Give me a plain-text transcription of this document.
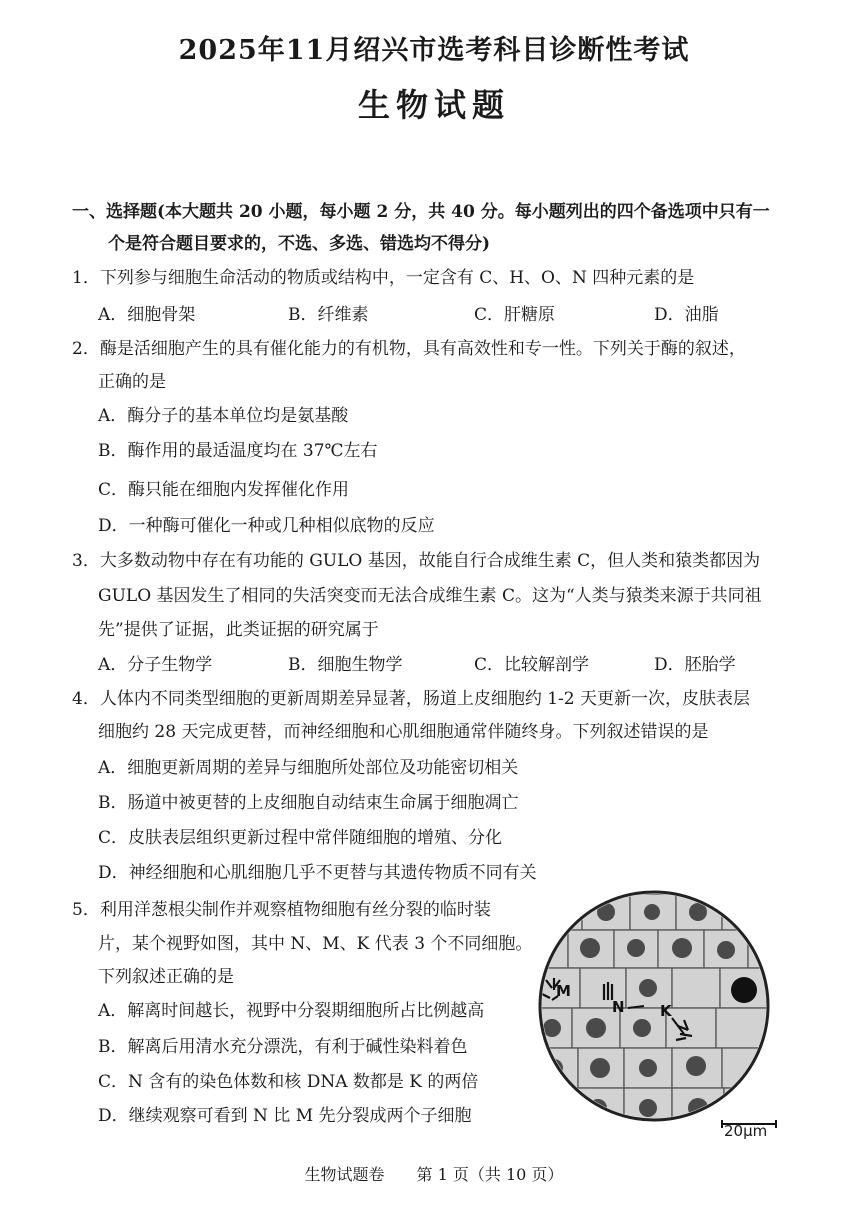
2025年11月绍兴市选考科目诊断性考试
生物试题
一、选择题(本大题共 20 小题，每小题 2 分，共 40 分。每小题列出的四个备选项中只有一
个是符合题目要求的，不选、多选、错选均不得分)
1．下列参与细胞生命活动的物质或结构中，一定含有 C、H、O、N 四种元素的是
A．细胞骨架	B．纤维素	C．肝糖原	D．油脂
2．酶是活细胞产生的具有催化能力的有机物，具有高效性和专一性。下列关于酶的叙述，
正确的是
A．酶分子的基本单位均是氨基酸
B．酶作用的最适温度均在 37℃左右
C．酶只能在细胞内发挥催化作用
D．一种酶可催化一种或几种相似底物的反应
3．大多数动物中存在有功能的 GULO 基因，故能自行合成维生素 C，但人类和猿类都因为
GULO 基因发生了相同的失活突变而无法合成维生素 C。这为“人类与猿类来源于共同祖
先”提供了证据，此类证据的研究属于
A．分子生物学	B．细胞生物学	C．比较解剖学	D．胚胎学
4．人体内不同类型细胞的更新周期差异显著，肠道上皮细胞约 1-2 天更新一次，皮肤表层
细胞约 28 天完成更替，而神经细胞和心肌细胞通常伴随终身。下列叙述错误的是
A．细胞更新周期的差异与细胞所处部位及功能密切相关
B．肠道中被更替的上皮细胞自动结束生命属于细胞凋亡
C．皮肤表层组织更新过程中常伴随细胞的增殖、分化
D．神经细胞和心肌细胞几乎不更替与其遗传物质不同有关
5．利用洋葱根尖制作并观察植物细胞有丝分裂的临时装
片，某个视野如图，其中 N、M、K 代表 3 个不同细胞。
下列叙述正确的是
A．解离时间越长，视野中分裂期细胞所占比例越高
B．解离后用清水充分漂洗，有利于碱性染料着色
C．N 含有的染色体数和核 DNA 数都是 K 的两倍
D．继续观察可看到 N 比 M 先分裂成两个子细胞
M
N K
20μm
生物试题卷　　第 1 页（共 10 页）
